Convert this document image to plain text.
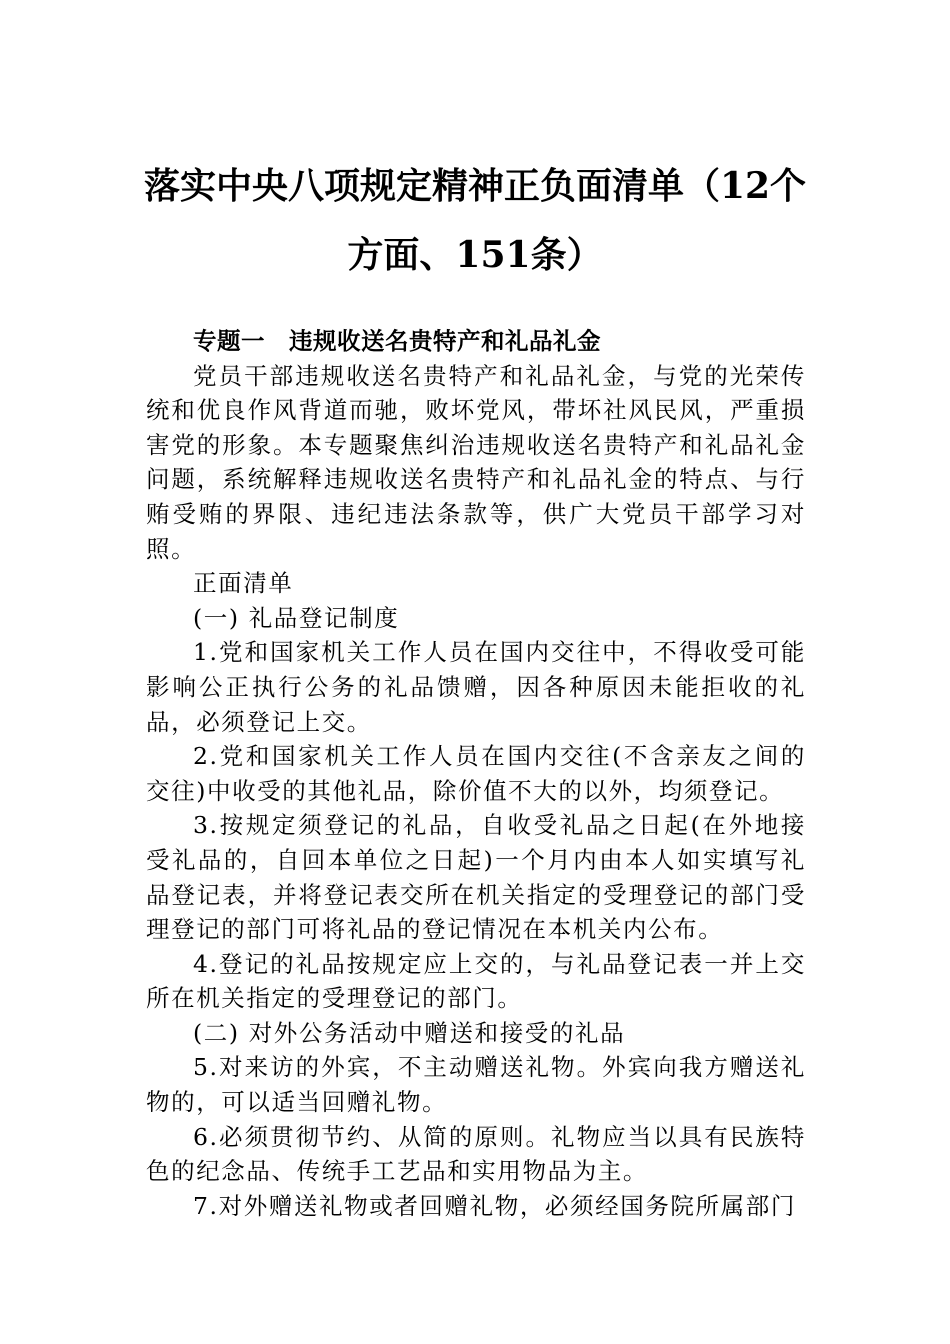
落实中央八项规定精神正负面清单（12个
方面、151条）

专题一　违规收送名贵特产和礼品礼金

党员干部违规收送名贵特产和礼品礼金，与党的光荣传统和优良作风背道而驰，败坏党风，带坏社风民风，严重损害党的形象。本专题聚焦纠治违规收送名贵特产和礼品礼金问题，系统解释违规收送名贵特产和礼品礼金的特点、与行贿受贿的界限、违纪违法条款等，供广大党员干部学习对照。

正面清单

(一) 礼品登记制度

1.党和国家机关工作人员在国内交往中，不得收受可能影响公正执行公务的礼品馈赠，因各种原因未能拒收的礼品，必须登记上交。

2.党和国家机关工作人员在国内交往(不含亲友之间的交往)中收受的其他礼品，除价值不大的以外，均须登记。

3.按规定须登记的礼品，自收受礼品之日起(在外地接受礼品的，自回本单位之日起)一个月内由本人如实填写礼品登记表，并将登记表交所在机关指定的受理登记的部门受理登记的部门可将礼品的登记情况在本机关内公布。

4.登记的礼品按规定应上交的，与礼品登记表一并上交所在机关指定的受理登记的部门。

(二) 对外公务活动中赠送和接受的礼品

5.对来访的外宾，不主动赠送礼物。外宾向我方赠送礼物的，可以适当回赠礼物。

6.必须贯彻节约、从简的原则。礼物应当以具有民族特色的纪念品、传统手工艺品和实用物品为主。

7.对外赠送礼物或者回赠礼物，必须经国务院所属部门
